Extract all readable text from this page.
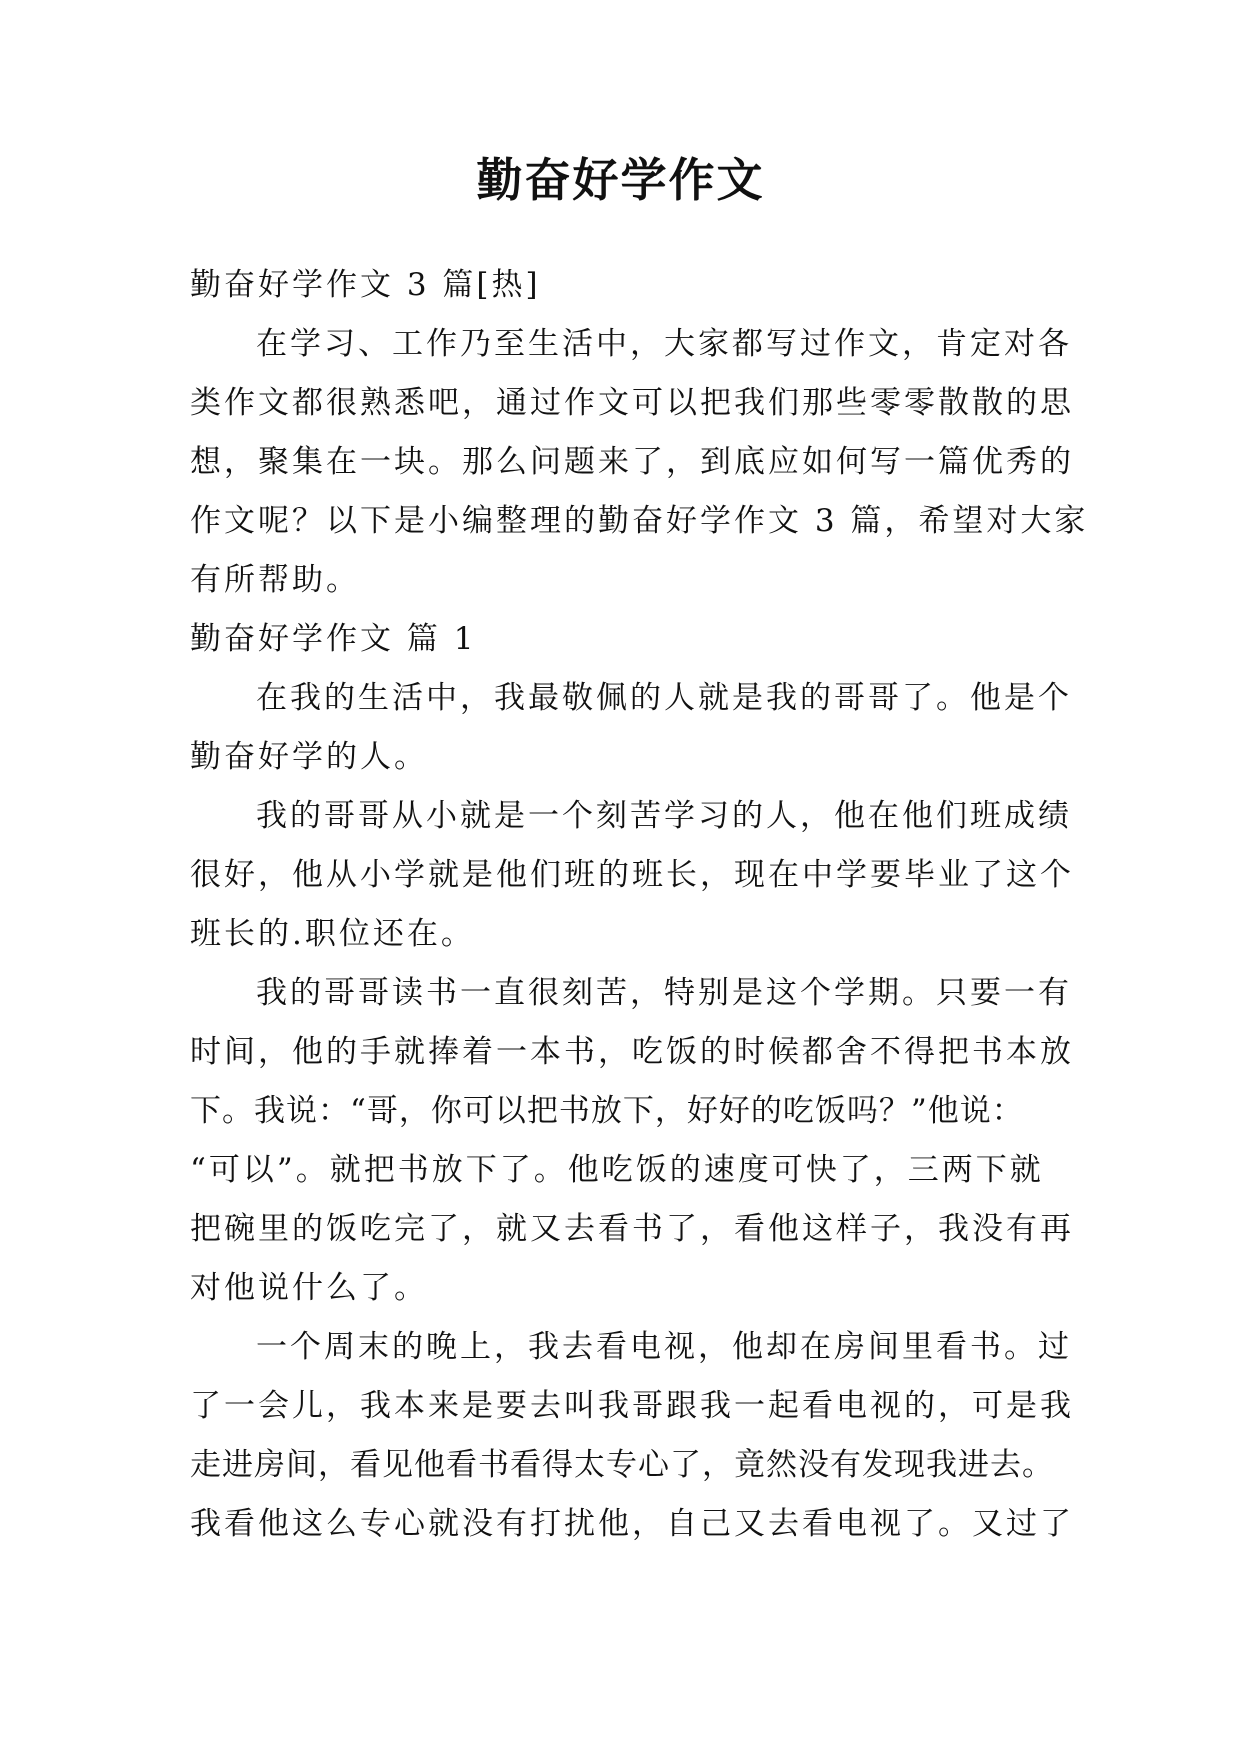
勤奋好学作文

勤奋好学作文 3 篇[热]

在学习、工作乃至生活中，大家都写过作文，肯定对各

类作文都很熟悉吧，通过作文可以把我们那些零零散散的思

想，聚集在一块。那么问题来了，到底应如何写一篇优秀的

作文呢？以下是小编整理的勤奋好学作文 3 篇，希望对大家

有所帮助。

勤奋好学作文 篇 1

在我的生活中，我最敬佩的人就是我的哥哥了。他是个

勤奋好学的人。

我的哥哥从小就是一个刻苦学习的人，他在他们班成绩

很好，他从小学就是他们班的班长，现在中学要毕业了这个

班长的.职位还在。

我的哥哥读书一直很刻苦，特别是这个学期。只要一有

时间，他的手就捧着一本书，吃饭的时候都舍不得把书本放

下。我说：“哥，你可以把书放下，好好的吃饭吗？”他说：

“可以”。就把书放下了。他吃饭的速度可快了，三两下就

把碗里的饭吃完了，就又去看书了，看他这样子，我没有再

对他说什么了。

一个周末的晚上，我去看电视，他却在房间里看书。过

了一会儿，我本来是要去叫我哥跟我一起看电视的，可是我

走进房间，看见他看书看得太专心了，竟然没有发现我进去。

我看他这么专心就没有打扰他，自己又去看电视了。又过了
